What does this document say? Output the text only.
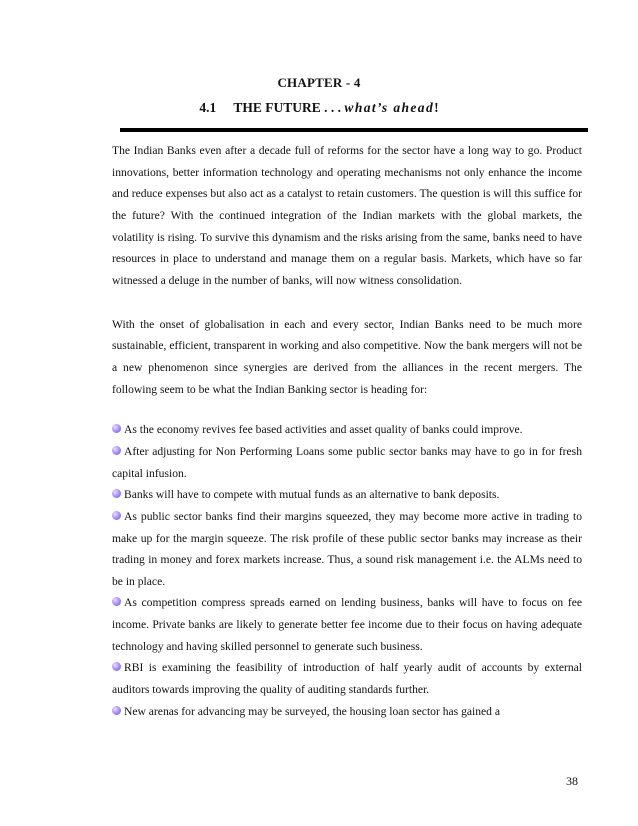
CHAPTER - 4
4.1 THE FUTURE . . . what’s ahead!

The Indian Banks even after a decade full of reforms for the sector have a long way to go. Product innovations, better information technology and operating mechanisms not only enhance the income and reduce expenses but also act as a catalyst to retain customers. The question is will this suffice for the future? With the continued integration of the Indian markets with the global markets, the volatility is rising. To survive this dynamism and the risks arising from the same, banks need to have resources in place to understand and manage them on a regular basis. Markets, which have so far witnessed a deluge in the number of banks, will now witness consolidation.

With the onset of globalisation in each and every sector, Indian Banks need to be much more sustainable, efficient, transparent in working and also competitive. Now the bank mergers will not be a new phenomenon since synergies are derived from the alliances in the recent mergers. The following seem to be what the Indian Banking sector is heading for:

As the economy revives fee based activities and asset quality of banks could improve.

After adjusting for Non Performing Loans some public sector banks may have to go in for fresh capital infusion.

Banks will have to compete with mutual funds as an alternative to bank deposits.

As public sector banks find their margins squeezed, they may become more active in trading to make up for the margin squeeze. The risk profile of these public sector banks may increase as their trading in money and forex markets increase. Thus, a sound risk management i.e. the ALMs need to be in place.

As competition compress spreads earned on lending business, banks will have to focus on fee income. Private banks are likely to generate better fee income due to their focus on having adequate technology and having skilled personnel to generate such business.

RBI is examining the feasibility of introduction of half yearly audit of accounts by external auditors towards improving the quality of auditing standards further.

New arenas for advancing may be surveyed, the housing loan sector has gained a

38
